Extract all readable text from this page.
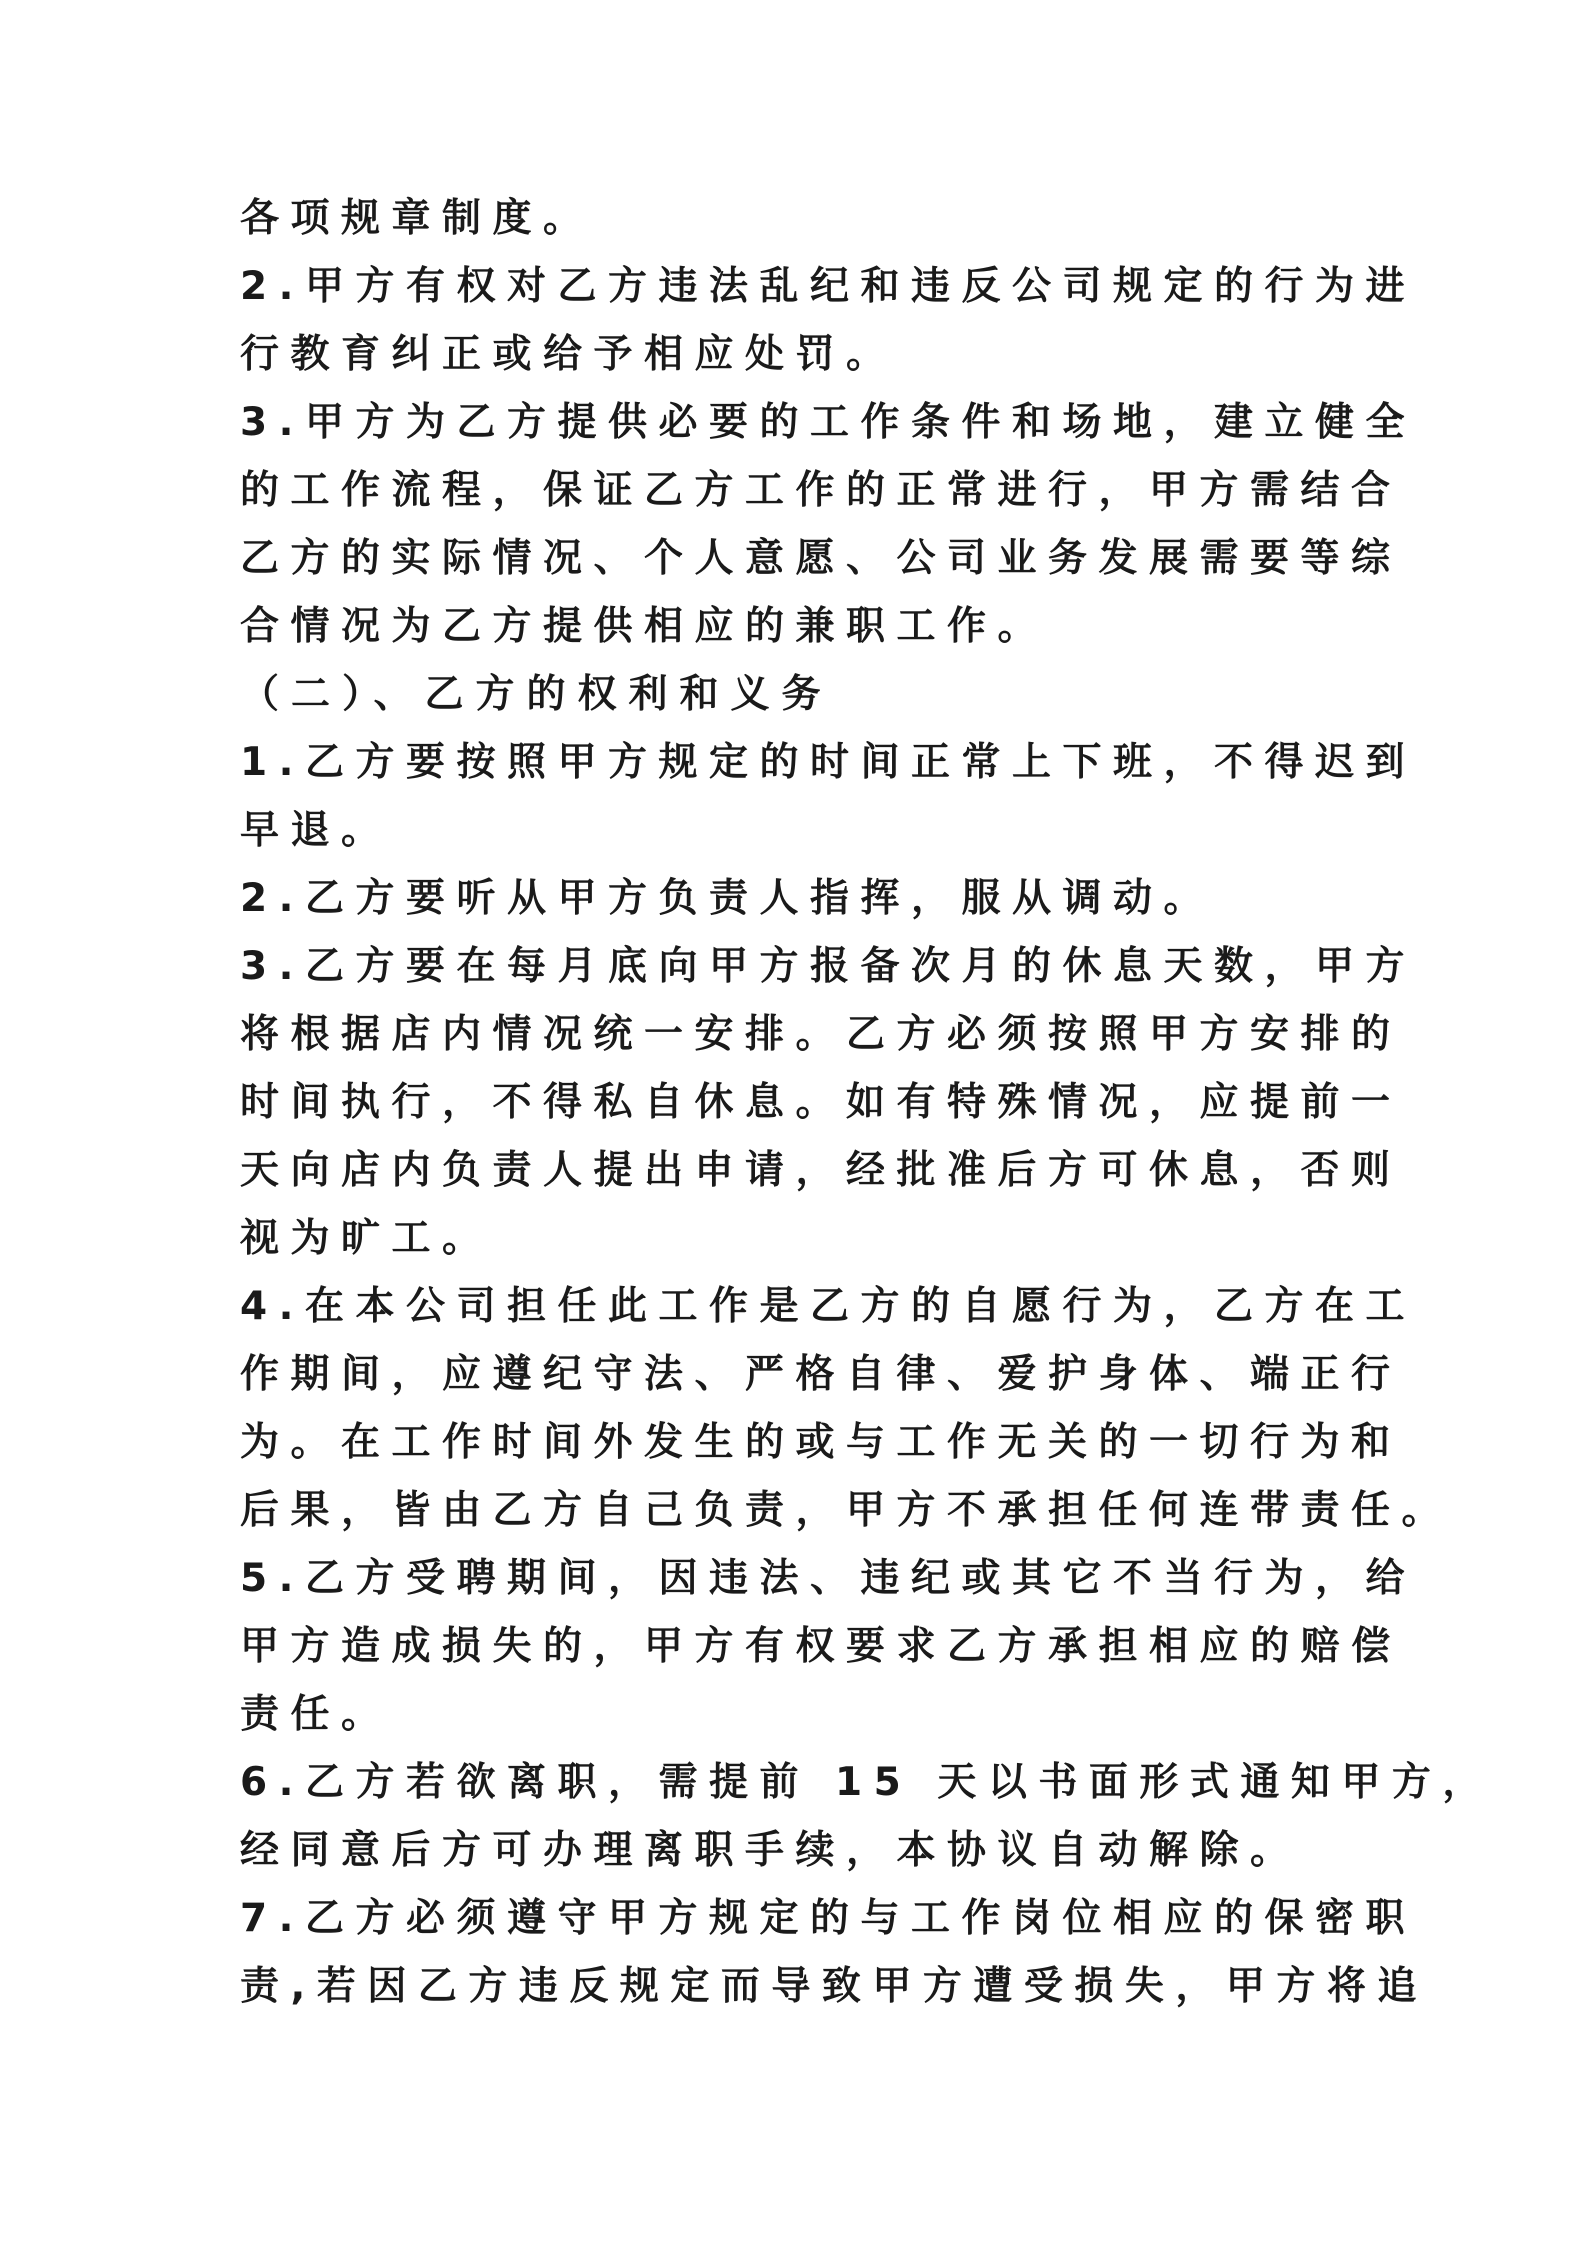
各项规章制度。
2.甲方有权对乙方违法乱纪和违反公司规定的行为进
行教育纠正或给予相应处罚。
3.甲方为乙方提供必要的工作条件和场地，建立健全
的工作流程，保证乙方工作的正常进行，甲方需结合
乙方的实际情况、个人意愿、公司业务发展需要等综
合情况为乙方提供相应的兼职工作。
（二）、乙方的权利和义务
1.乙方要按照甲方规定的时间正常上下班，不得迟到
早退。
2.乙方要听从甲方负责人指挥，服从调动。
3.乙方要在每月底向甲方报备次月的休息天数，甲方
将根据店内情况统一安排。乙方必须按照甲方安排的
时间执行，不得私自休息。如有特殊情况，应提前一
天向店内负责人提出申请，经批准后方可休息，否则
视为旷工。
4.在本公司担任此工作是乙方的自愿行为，乙方在工
作期间，应遵纪守法、严格自律、爱护身体、端正行
为。在工作时间外发生的或与工作无关的一切行为和
后果，皆由乙方自己负责，甲方不承担任何连带责任。
5.乙方受聘期间，因违法、违纪或其它不当行为，给
甲方造成损失的，甲方有权要求乙方承担相应的赔偿
责任。
6.乙方若欲离职，需提前 15 天以书面形式通知甲方，
经同意后方可办理离职手续，本协议自动解除。
7.乙方必须遵守甲方规定的与工作岗位相应的保密职
责,若因乙方违反规定而导致甲方遭受损失，甲方将追
